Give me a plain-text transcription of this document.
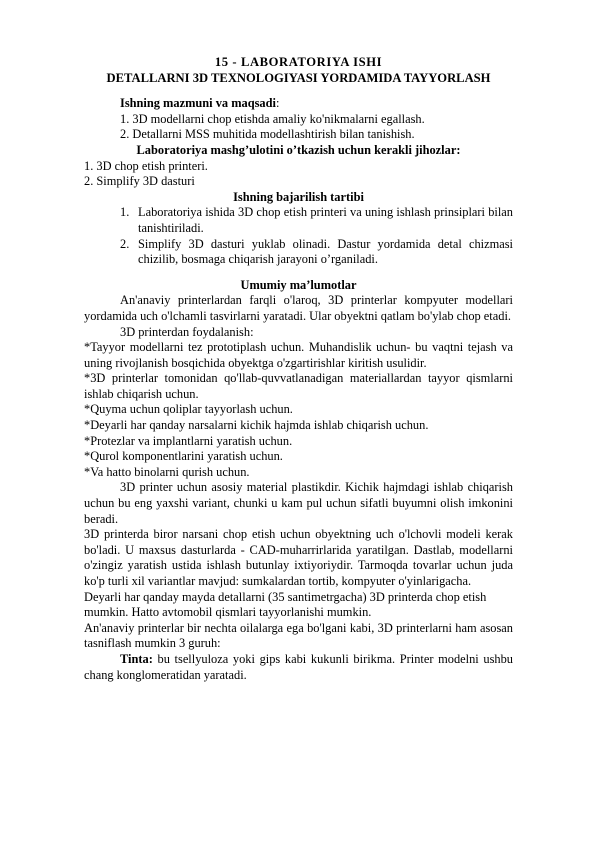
15 - LABORATORIYA ISHI
DETALLARNI 3D TEXNOLOGIYASI YORDAMIDA TAYYORLASH
Ishning mazmuni va maqsadi:
1. 3D modellarni chop etishda amaliy ko'nikmalarni egallash.
2. Detallarni MSS muhitida modellashtirish bilan tanishish.
Laboratoriya mashg’ulotini o’tkazish uchun kerakli jihozlar:
1. 3D chop etish printeri.
2. Simplify 3D dasturi
Ishning bajarilish tartibi
1. Laboratoriya ishida 3D chop etish printeri va uning ishlash prinsiplari bilan tanishtiriladi.
2. Simplify 3D dasturi yuklab olinadi. Dastur yordamida detal chizmasi chizilib, bosmaga chiqarish jarayoni o’rganiladi.
Umumiy ma’lumotlar

An'anaviy printerlardan farqli o'laroq, 3D printerlar kompyuter modellari yordamida uch o'lchamli tasvirlarni yaratadi. Ular obyektni qatlam bo'ylab chop etadi.

3D printerdan foydalanish:

*Tayyor modellarni tez prototiplash uchun. Muhandislik uchun- bu vaqtni tejash va uning rivojlanish bosqichida obyektga o'zgartirishlar kiritish usulidir.

*3D printerlar tomonidan qo'llab-quvvatlanadigan materiallardan tayyor qismlarni ishlab chiqarish uchun.

*Quyma uchun qoliplar tayyorlash uchun.

*Deyarli har qanday narsalarni kichik hajmda ishlab chiqarish uchun.

*Protezlar va implantlarni yaratish uchun.

*Qurol komponentlarini yaratish uchun.

*Va hatto binolarni qurish uchun.

3D printer uchun asosiy material plastikdir. Kichik hajmdagi ishlab chiqarish uchun bu eng yaxshi variant, chunki u kam pul uchun sifatli buyumni olish imkonini beradi.

3D printerda biror narsani chop etish uchun obyektning uch o'lchovli modeli kerak bo'ladi. U maxsus dasturlarda - CAD-muharrirlarida yaratilgan. Dastlab, modellarni o'zingiz yaratish ustida ishlash butunlay ixtiyoriydir. Tarmoqda tovarlar uchun juda ko'p turli xil variantlar mavjud: sumkalardan tortib, kompyuter o'yinlarigacha.

Deyarli har qanday mayda detallarni (35 santimetrgacha) 3D printerda chop etish mumkin. Hatto avtomobil qismlari tayyorlanishi mumkin.

An'anaviy printerlar bir nechta oilalarga ega bo'lgani kabi, 3D printerlarni ham asosan tasniflash mumkin 3 guruh:

Tinta: bu tsellyuloza yoki gips kabi kukunli birikma. Printer modelni ushbu chang konglomeratidan yaratadi.
